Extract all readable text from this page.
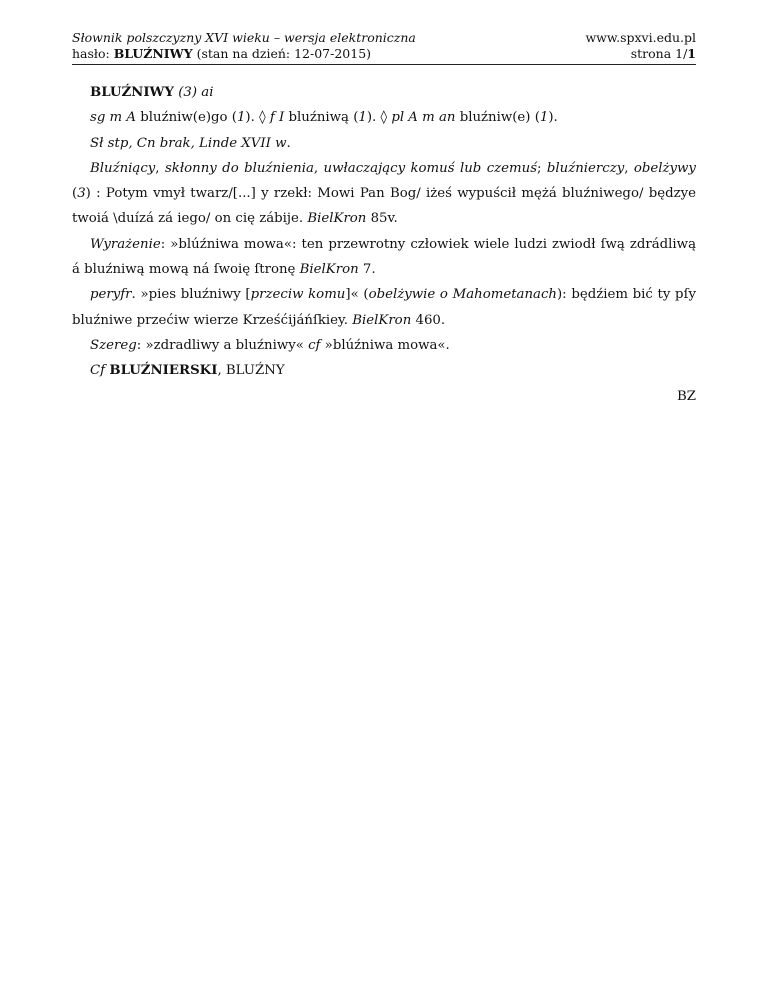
Słownik polszczyzny XVI wieku – wersja elektroniczna
hasło: BLUŹNIWY (stan na dzień: 12-07-2015)
www.spxvi.edu.pl
strona 1/1

BLUŹNIWY (3) ai

sg m A bluźniw(e)go (1). ◊ f I bluźniwą (1). ◊ pl A m an bluźniw(e) (1).

Sł stp, Cn brak, Linde XVII w.

Bluźniący, skłonny do bluźnienia, uwłaczający komuś lub czemuś; bluźnierczy, obelżywy (3) : Potym vmył twarz/[...] y rzekł: Mowi Pan Bog/ iżeś wypuścił mężá bluźniwego/ będzye twoiá \duízá zá iego/ on cię zábije. BielKron 85v.

Wyrażenie: »blúźniwa mowa«: ten przewrotny człowiek wiele ludzi zwiodł ſwą zdrádliwą á bluźniwą mową ná ſwoię ſtronę BielKron 7.

peryfr. »pies bluźniwy [przeciw komu]« (obelżywie o Mahometanach): będźiem bić ty pſy bluźniwe przećiw wierze Krześćijáńſkiey. BielKron 460.

Szereg: »zdradliwy a bluźniwy« cf »blúźniwa mowa«.

Cf BLUŹNIERSKI, BLUŹNY

BZ
